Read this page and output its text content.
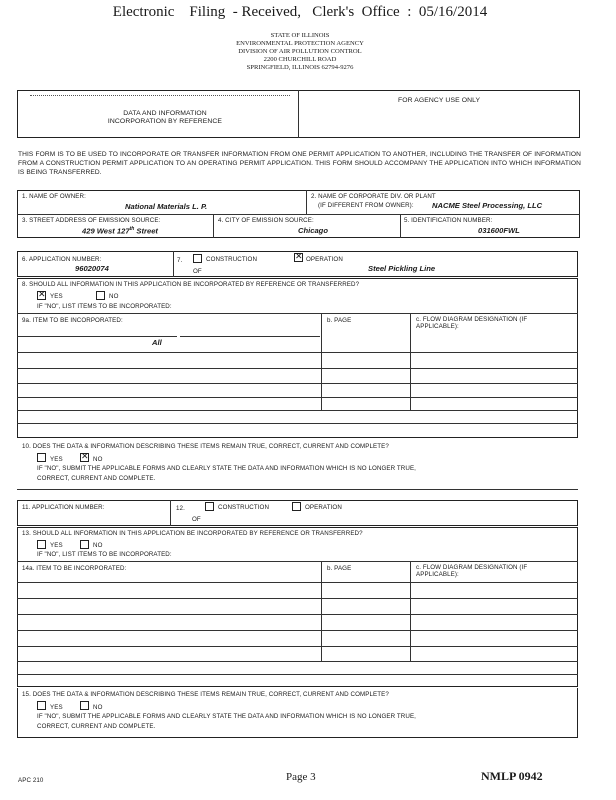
Electronic    Filing  - Received,   Clerk's  Office  :  05/16/2014
STATE OF ILLINOIS
ENVIRONMENTAL PROTECTION AGENCY
DIVISION OF AIR POLLUTION CONTROL
2200 CHURCHILL ROAD
SPRINGFIELD, ILLINOIS 62794-9276
DATA AND INFORMATION
INCORPORATION BY REFERENCE
FOR AGENCY USE ONLY
THIS FORM IS TO BE USED TO INCORPORATE OR TRANSFER INFORMATION FROM ONE PERMIT APPLICATION TO ANOTHER, INCLUDING THE TRANSFER OF INFORMATION FROM A CONSTRUCTION PERMIT APPLICATION TO AN OPERATING PERMIT APPLICATION. THIS FORM SHOULD ACCOMPANY THE APPLICATION INTO WHICH INFORMATION IS BEING TRANSFERRED.
1. NAME OF OWNER:
National Materials L. P.
2. NAME OF CORPORATE DIV. OR PLANT
(IF DIFFERENT FROM OWNER): NACME Steel Processing, LLC
3. STREET ADDRESS OF EMISSION SOURCE:
429 West 127th Street
4. CITY OF EMISSION SOURCE:
Chicago
5. IDENTIFICATION NUMBER:
031600FWL
6. APPLICATION NUMBER:
96020074
7.	CONSTRUCTION	✕ OPERATION
OF	Steel Pickling Line
8. SHOULD ALL INFORMATION IN THIS APPLICATION BE INCORPORATED BY REFERENCE OR TRANSFERRED?
✕ YES	NO
IF "NO", LIST ITEMS TO BE INCORPORATED:
9a. ITEM TO BE INCORPORATED:	b. PAGE	c. FLOW DIAGRAM DESIGNATION (IF APPLICABLE):
All
10. DOES THE DATA & INFORMATION DESCRIBING THESE ITEMS REMAIN TRUE, CORRECT, CURRENT AND COMPLETE?
YES ✕ NO
IF "NO", SUBMIT THE APPLICABLE FORMS AND CLEARLY STATE THE DATA AND INFORMATION WHICH IS NO LONGER TRUE,
CORRECT, CURRENT AND COMPLETE.
11. APPLICATION NUMBER:	12.	CONSTRUCTION	OPERATION
OF
13. SHOULD ALL INFORMATION IN THIS APPLICATION BE INCORPORATED BY REFERENCE OR TRANSFERRED?
YES	NO
IF "NO", LIST ITEMS TO BE INCORPORATED:
14a. ITEM TO BE INCORPORATED:	b. PAGE	c. FLOW DIAGRAM DESIGNATION (IF APPLICABLE):
15. DOES THE DATA & INFORMATION DESCRIBING THESE ITEMS REMAIN TRUE, CORRECT, CURRENT AND COMPLETE?
YES	NO
IF "NO", SUBMIT THE APPLICABLE FORMS AND CLEARLY STATE THE DATA AND INFORMATION WHICH IS NO LONGER TRUE,
CORRECT, CURRENT AND COMPLETE.
APC 210	Page 3	NMLP 0942
